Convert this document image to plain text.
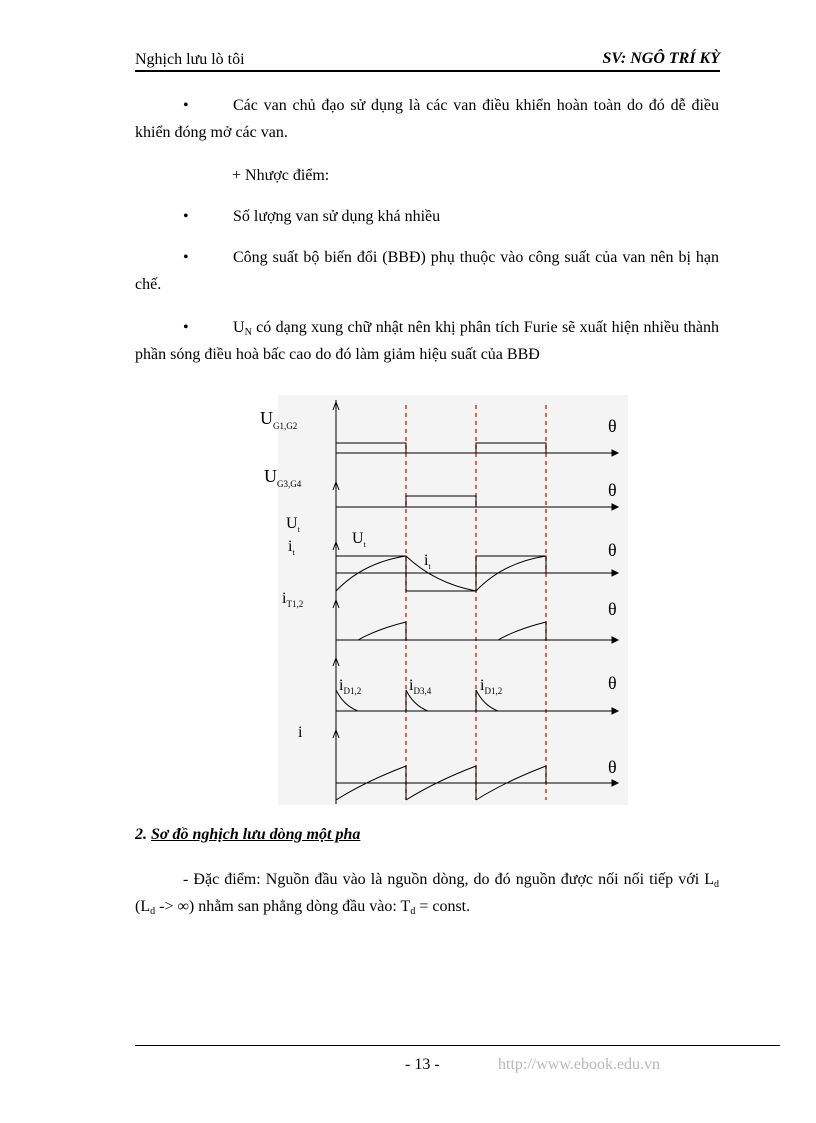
Nghịch lưu lò tôi	SV: NGÔ TRÍ KỲ
•	Các van chủ đạo sử dụng là các van điều khiển hoàn toàn do đó dễ điều khiển đóng mở các van.
+ Nhược điểm:
•	Số lượng van sử dụng khá nhiều
•	Công suất bộ biến đổi (BBĐ) phụ thuộc vào công suất của van nên bị hạn chế.
•	$U_N$ có dạng xung chữ nhật nên khị phân tích Furie sẽ xuất hiện nhiều thành phần sóng điều hoà bấc cao do đó làm giảm hiệu suất của BBĐ
$U_{G1,G2}$
$U_{G3,G4}$
$U_t$
$i_t$
$U_t$
$i_t$
$i_{T1,2}$
$i_{D1,2}$	$i_{D3,4}$	$i_{D1,2}$
i
θ
θ
θ
θ
θ
θ
2. Sơ đồ nghịch lưu dòng một pha
- Đặc điểm: Nguồn đầu vào là nguồn dòng, do đó nguồn được nối nối tiếp với $L_d$ ($L_d$ -> ∞) nhằm san phẳng dòng đầu vào: $T_d$ = const.
- 13 -	http://www.ebook.edu.vn
